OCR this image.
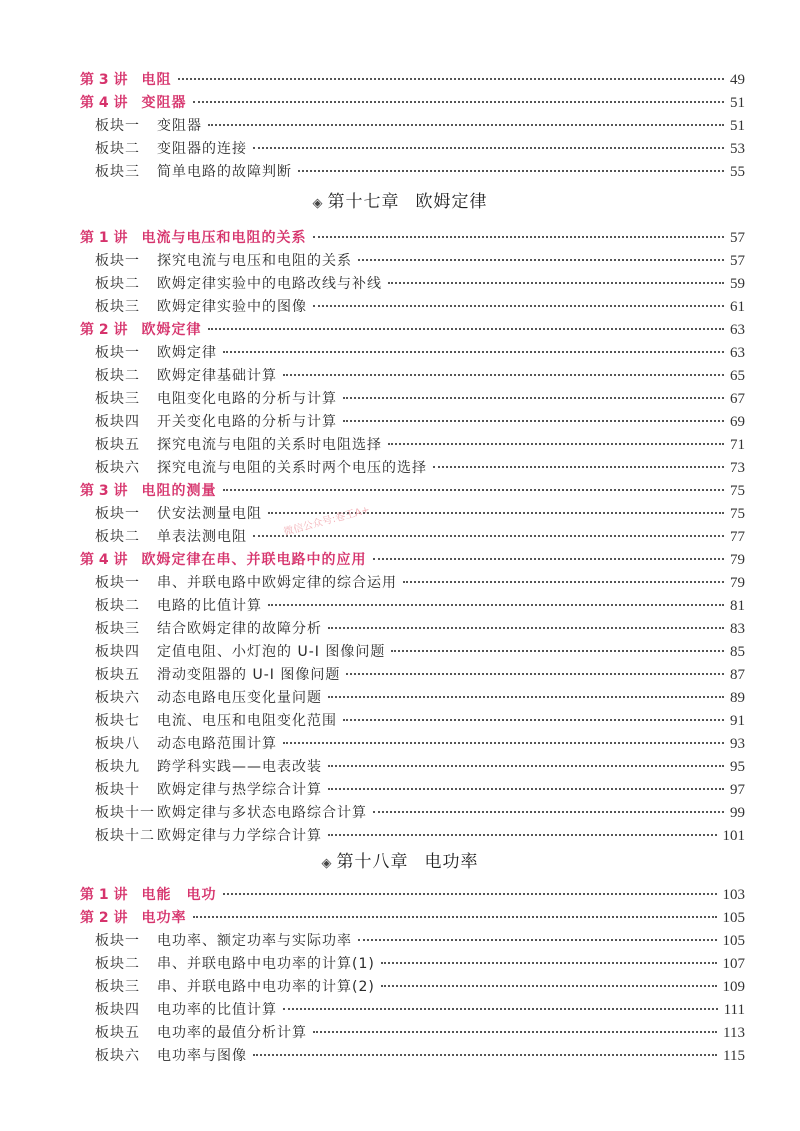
第 3 讲 电阻	49
第 4 讲 变阻器	51
板块一 变阻器	51
板块二 变阻器的连接	53
板块三 简单电路的故障判断	55
◈ 第十七章 欧姆定律
第 1 讲 电流与电压和电阻的关系	57
板块一 探究电流与电压和电阻的关系	57
板块二 欧姆定律实验中的电路改线与补线	59
板块三 欧姆定律实验中的图像	61
第 2 讲 欧姆定律	63
板块一 欧姆定律	63
板块二 欧姆定律基础计算	65
板块三 电阻变化电路的分析与计算	67
板块四 开关变化电路的分析与计算	69
板块五 探究电流与电阻的关系时电阻选择	71
板块六 探究电流与电阻的关系时两个电压的选择	73
第 3 讲 电阻的测量	75
板块一 伏安法测量电阻	75
板块二 单表法测电阻	77
第 4 讲 欧姆定律在串、并联电路中的应用	79
板块一 串、并联电路中欧姆定律的综合运用	79
板块二 电路的比值计算	81
板块三 结合欧姆定律的故障分析	83
板块四 定值电阻、小灯泡的 U-I 图像问题	85
板块五 滑动变阻器的 U-I 图像问题	87
板块六 动态电路电压变化量问题	89
板块七 电流、电压和电阻变化范围	91
板块八 动态电路范围计算	93
板块九 跨学科实践——电表改装	95
板块十 欧姆定律与热学综合计算	97
板块十一 欧姆定律与多状态电路综合计算	99
板块十二 欧姆定律与力学综合计算	101
◈ 第十八章 电功率
第 1 讲 电能　电功	103
第 2 讲 电功率	105
板块一 电功率、额定功率与实际功率	105
板块二 串、并联电路中电功率的计算(1)	107
板块三 串、并联电路中电功率的计算(2)	109
板块四 电功率的比值计算	111
板块五 电功率的最值分析计算	113
板块六 电功率与图像	115
微信公众号:卷王A+
